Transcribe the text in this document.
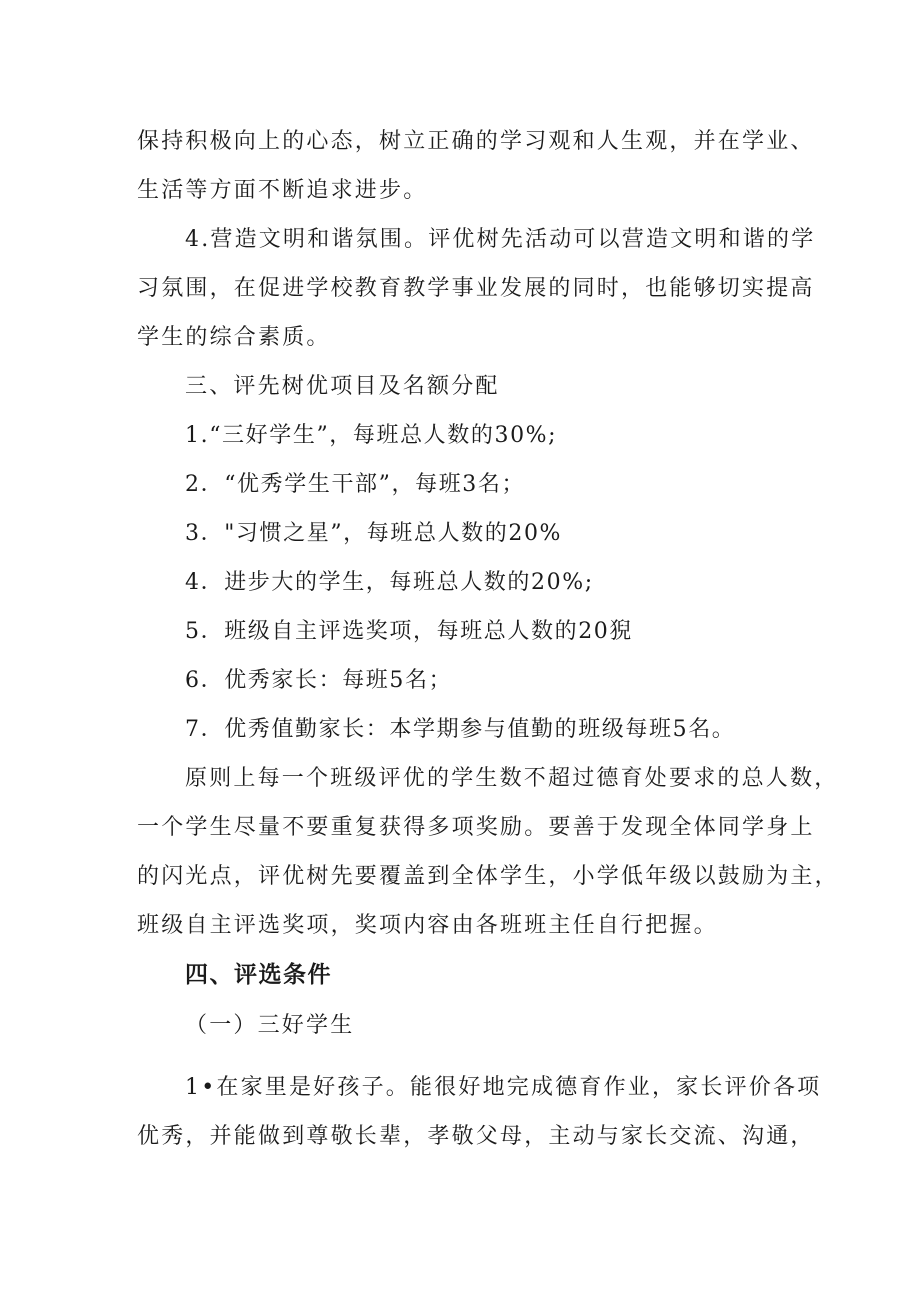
保持积极向上的心态，树立正确的学习观和人生观，并在学业、
生活等方面不断追求进步。
4.营造文明和谐氛围。评优树先活动可以营造文明和谐的学
习氛围，在促进学校教育教学事业发展的同时，也能够切实提高
学生的综合素质。
三、评先树优项目及名额分配
1.“三好学生”，每班总人数的30%;
2．“优秀学生干部”，每班3名；
3．"习惯之星”，每班总人数的20%
4．进步大的学生，每班总人数的20%;
5．班级自主评选奖项，每班总人数的20猊
6．优秀家长：每班5名；
7．优秀值勤家长：本学期参与值勤的班级每班5名。
原则上每一个班级评优的学生数不超过德育处要求的总人数，
一个学生尽量不要重复获得多项奖励。要善于发现全体同学身上
的闪光点，评优树先要覆盖到全体学生，小学低年级以鼓励为主，
班级自主评选奖项，奖项内容由各班班主任自行把握。
四、评选条件
（一）三好学生
1•在家里是好孩子。能很好地完成德育作业，家长评价各项
优秀，并能做到尊敬长辈，孝敬父母，主动与家长交流、沟通，
